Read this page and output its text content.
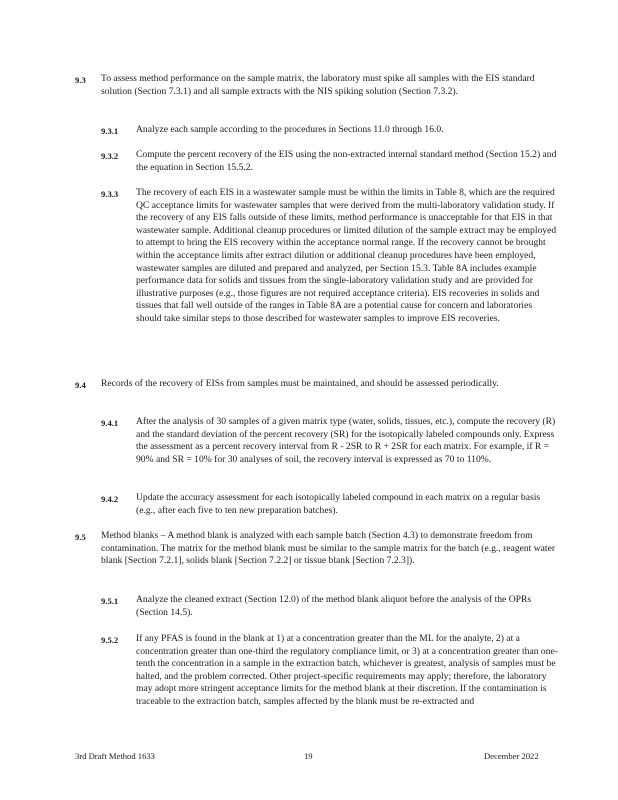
9.3 To assess method performance on the sample matrix, the laboratory must spike all samples with the EIS standard solution (Section 7.3.1) and all sample extracts with the NIS spiking solution (Section 7.3.2).
9.3.1 Analyze each sample according to the procedures in Sections 11.0 through 16.0.
9.3.2 Compute the percent recovery of the EIS using the non-extracted internal standard method (Section 15.2) and the equation in Section 15.5.2.
9.3.3 The recovery of each EIS in a wastewater sample must be within the limits in Table 8, which are the required QC acceptance limits for wastewater samples that were derived from the multi-laboratory validation study. If the recovery of any EIS falls outside of these limits, method performance is unacceptable for that EIS in that wastewater sample. Additional cleanup procedures or limited dilution of the sample extract may be employed to attempt to bring the EIS recovery within the acceptance normal range. If the recovery cannot be brought within the acceptance limits after extract dilution or additional cleanup procedures have been employed, wastewater samples are diluted and prepared and analyzed, per Section 15.3. Table 8A includes example performance data for solids and tissues from the single-laboratory validation study and are provided for illustrative purposes (e.g., those figures are not required acceptance criteria). EIS recoveries in solids and tissues that fall well outside of the ranges in Table 8A are a potential cause for concern and laboratories should take similar steps to those described for wastewater samples to improve EIS recoveries.
9.4 Records of the recovery of EISs from samples must be maintained, and should be assessed periodically.
9.4.1 After the analysis of 30 samples of a given matrix type (water, solids, tissues, etc.), compute the recovery (R) and the standard deviation of the percent recovery (SR) for the isotopically labeled compounds only. Express the assessment as a percent recovery interval from R - 2SR to R + 2SR for each matrix. For example, if R = 90% and SR = 10% for 30 analyses of soil, the recovery interval is expressed as 70 to 110%.
9.4.2 Update the accuracy assessment for each isotopically labeled compound in each matrix on a regular basis (e.g., after each five to ten new preparation batches).
9.5 Method blanks – A method blank is analyzed with each sample batch (Section 4.3) to demonstrate freedom from contamination. The matrix for the method blank must be similar to the sample matrix for the batch (e.g., reagent water blank [Section 7.2.1], solids blank [Section 7.2.2] or tissue blank [Section 7.2.3]).
9.5.1 Analyze the cleaned extract (Section 12.0) of the method blank aliquot before the analysis of the OPRs (Section 14.5).
9.5.2 If any PFAS is found in the blank at 1) at a concentration greater than the ML for the analyte, 2) at a concentration greater than one-third the regulatory compliance limit, or 3) at a concentration greater than one-tenth the concentration in a sample in the extraction batch, whichever is greatest, analysis of samples must be halted, and the problem corrected. Other project-specific requirements may apply; therefore, the laboratory may adopt more stringent acceptance limits for the method blank at their discretion. If the contamination is traceable to the extraction batch, samples affected by the blank must be re-extracted and
3rd Draft Method 1633	19	December 2022
